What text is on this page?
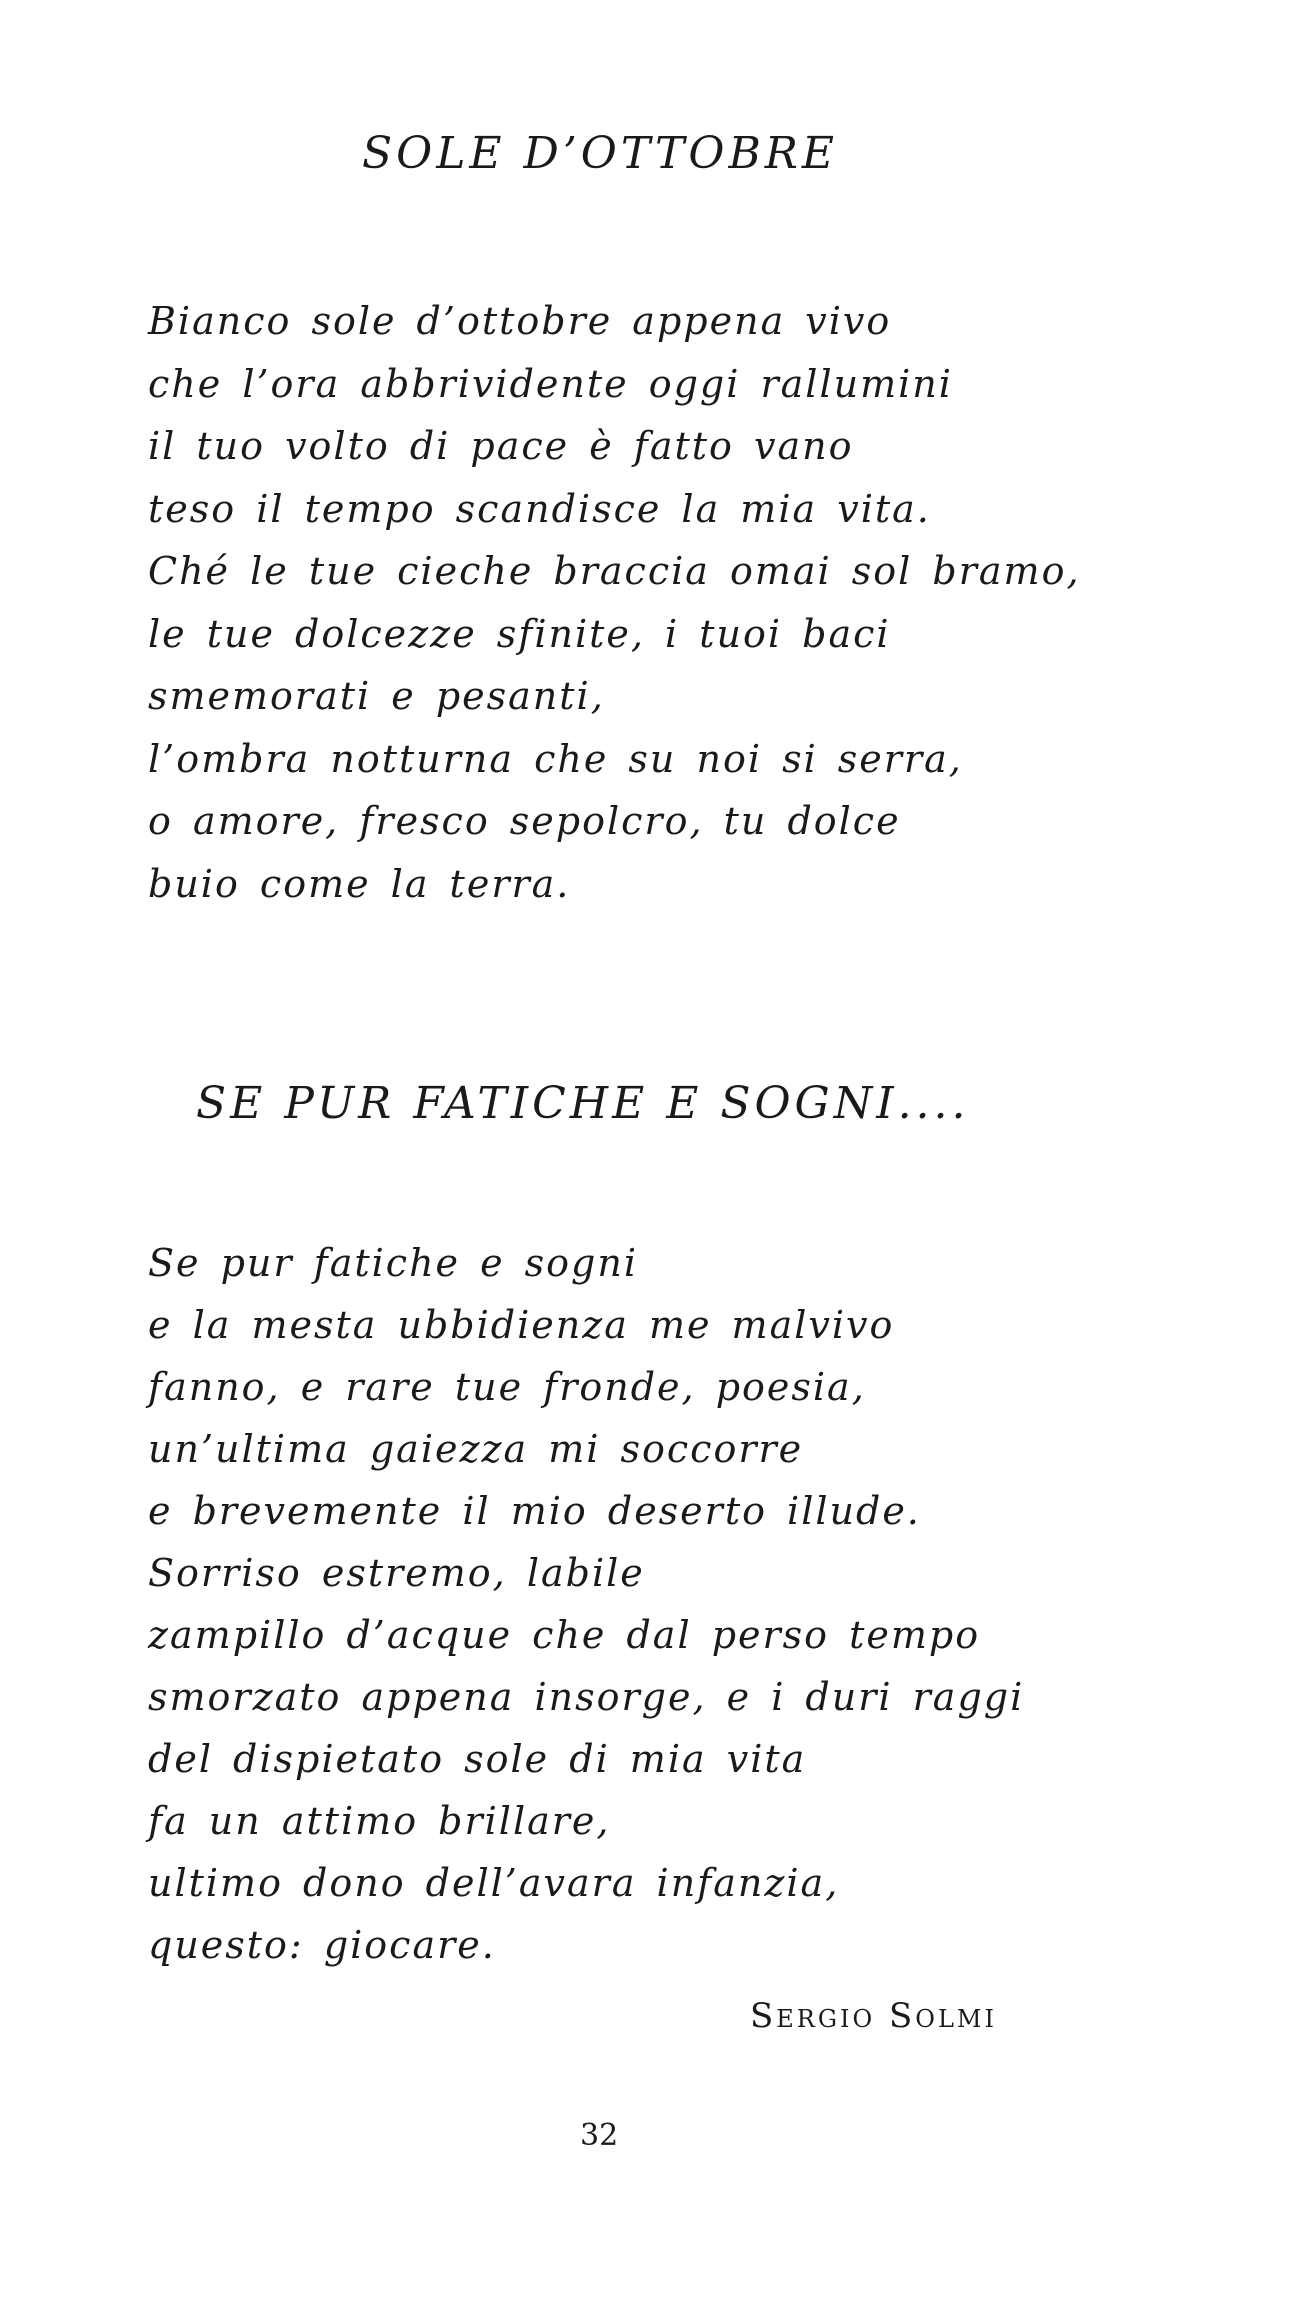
SOLE D’OTTOBRE
Bianco sole d’ottobre appena vivo
che l’ora abbrividente oggi rallumini
il tuo volto di pace è fatto vano
teso il tempo scandisce la mia vita.
Ché le tue cieche braccia omai sol bramo,
le tue dolcezze sfinite, i tuoi baci
smemorati e pesanti,
l’ombra notturna che su noi si serra,
o amore, fresco sepolcro, tu dolce
buio come la terra.
SE PUR FATICHE E SOGNI....
Se pur fatiche e sogni
e la mesta ubbidienza me malvivo
fanno, e rare tue fronde, poesia,
un’ultima gaiezza mi soccorre
e brevemente il mio deserto illude.
Sorriso estremo, labile
zampillo d’acque che dal perso tempo
smorzato appena insorge, e i duri raggi
del dispietato sole di mia vita
fa un attimo brillare,
ultimo dono dell’avara infanzia,
questo: giocare.
Sergio Solmi
32
